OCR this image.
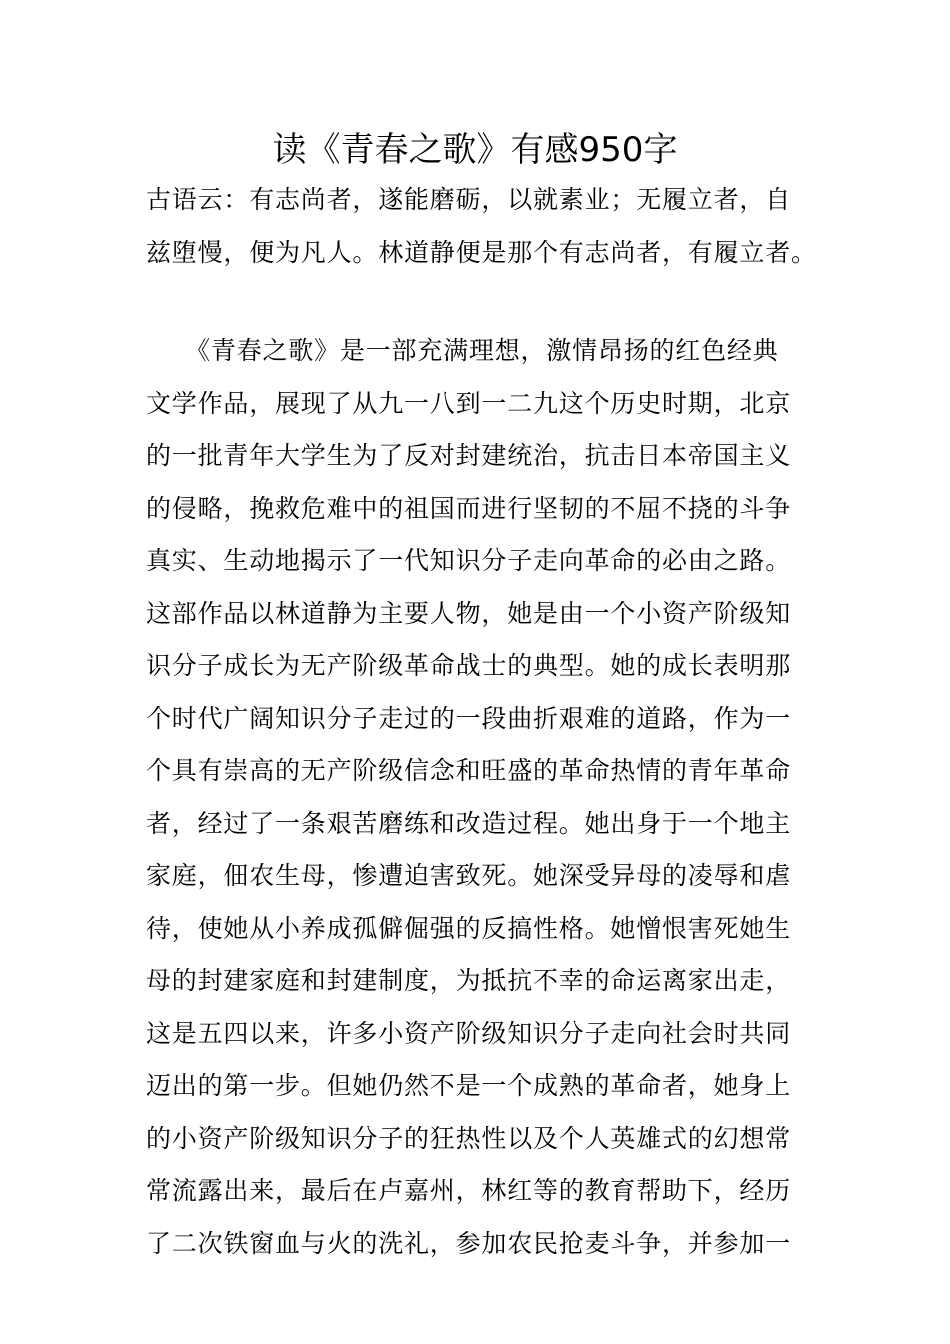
读《青春之歌》有感950字
古语云：有志尚者，遂能磨砺，以就素业；无履立者，自
兹堕慢，便为凡人。林道静便是那个有志尚者，有履立者。
　　《青春之歌》是一部充满理想，激情昂扬的红色经典
文学作品，展现了从九一八到一二九这个历史时期，北京
的一批青年大学生为了反对封建统治，抗击日本帝国主义
的侵略，挽救危难中的祖国而进行坚韧的不屈不挠的斗争
真实、生动地揭示了一代知识分子走向革命的必由之路。
这部作品以林道静为主要人物，她是由一个小资产阶级知
识分子成长为无产阶级革命战士的典型。她的成长表明那
个时代广阔知识分子走过的一段曲折艰难的道路，作为一
个具有崇高的无产阶级信念和旺盛的革命热情的青年革命
者，经过了一条艰苦磨练和改造过程。她出身于一个地主
家庭，佃农生母，惨遭迫害致死。她深受异母的凌辱和虐
待，使她从小养成孤僻倔强的反搞性格。她憎恨害死她生
母的封建家庭和封建制度，为抵抗不幸的命运离家出走，
这是五四以来，许多小资产阶级知识分子走向社会时共同
迈出的第一步。但她仍然不是一个成熟的革命者，她身上
的小资产阶级知识分子的狂热性以及个人英雄式的幻想常
常流露出来，最后在卢嘉州，林红等的教育帮助下，经历
了二次铁窗血与火的洗礼，参加农民抢麦斗争，并参加一
